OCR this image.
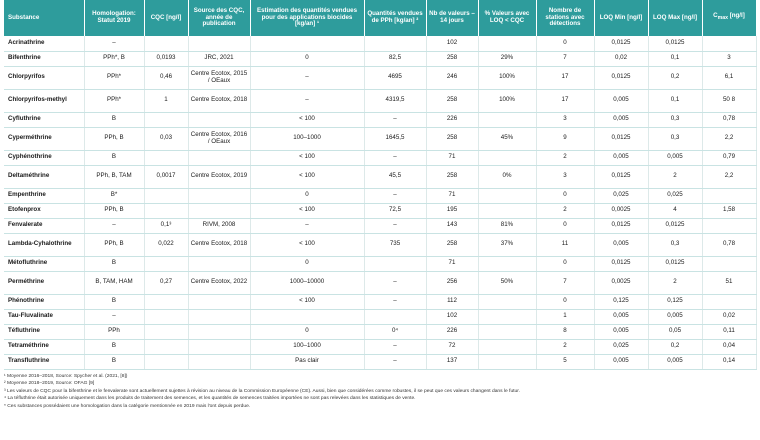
Substance	Homologation: Statut 2019	CQC [ng/l]	Source des CQC, année de publication	Estimation des quantités vendues pour des applications biocides [kg/an] ¹	Quantités vendues de PPh [kg/an] ²	Nb de valeurs – 14 jours	% Valeurs avec LOQ < CQC	Nombre de stations avec détections	LOQ Min [ng/l]	LOQ Max [ng/l]	$C_{max}$ [ng/l]
Acrinathrine	–					102		0	0,0125	0,0125	
Bifenthrine	PPh*, B	0,0193	JRC, 2021	0	82,5	258	29%	7	0,02	0,1	3
Chlorpyrifos	PPh*	0,46	Centre Ecotox, 2015 / OEaux	–	4695	246	100%	17	0,0125	0,2	6,1
Chlorpyrifos-methyl	PPh*	1	Centre Ecotox, 2018	–	4319,5	258	100%	17	0,005	0,1	50 8
Cyfluthrine	B			< 100	–	226		3	0,005	0,3	0,78
Cyperméthrine	PPh, B	0,03	Centre Ecotox, 2016 / OEaux	100–1000	1645,5	258	45%	9	0,0125	0,3	2,2
Cyphénothrine	B			< 100	–	71		2	0,005	0,005	0,79
Deltaméthrine	PPh, B, TAM	0,0017	Centre Ecotox, 2019	< 100	45,5	258	0%	3	0,0125	2	2,2
Empenthrine	B*			0	–	71		0	0,025	0,025	
Etofenprox	PPh, B			< 100	72,5	195		2	0,0025	4	1,58
Fenvalerate	–	0,1³	RIVM, 2008	–	–	143	81%	0	0,0125	0,0125	
Lambda-Cyhalothrine	PPh, B	0,022	Centre Ecotox, 2018	< 100	735	258	37%	11	0,005	0,3	0,78
Métofluthrine	B			0		71		0	0,0125	0,0125	
Perméthrine	B, TAM, HAM	0,27	Centre Ecotox, 2022	1000–10000	–	256	50%	7	0,0025	2	51
Phénothrine	B			< 100	–	112		0	0,125	0,125	
Tau-Fluvalinate	–					102		1	0,005	0,005	0,02
Téfluthrine	PPh			0	0⁴	226		8	0,005	0,05	0,11
Tetraméthrine	B			100–1000	–	72		2	0,025	0,2	0,04
Transfluthrine	B			Pas clair	–	137		5	0,005	0,005	0,14
¹ Moyenne 2016–2018, Source: Spycher et al. (2021, [8])
² Moyenne 2018–2019, Source: OFAG [9]
³ Les valeurs de CQC pour la bifenthrine et le fenvalerate sont actuellement sujettes à révision au niveau de la Commission Européenne (CE). Aussi, bien que considérées comme robustes, il se peut que ces valeurs changent dans le futur.
⁴ La téfluthrine était autorisée uniquement dans les produits de traitement des semences, et les quantités de semences traitées importées ne sont pas relevées dans les statistiques de vente.
* Ces substances possédaient une homologation dans la catégorie mentionnée en 2019 mais l'ont depuis perdue.
